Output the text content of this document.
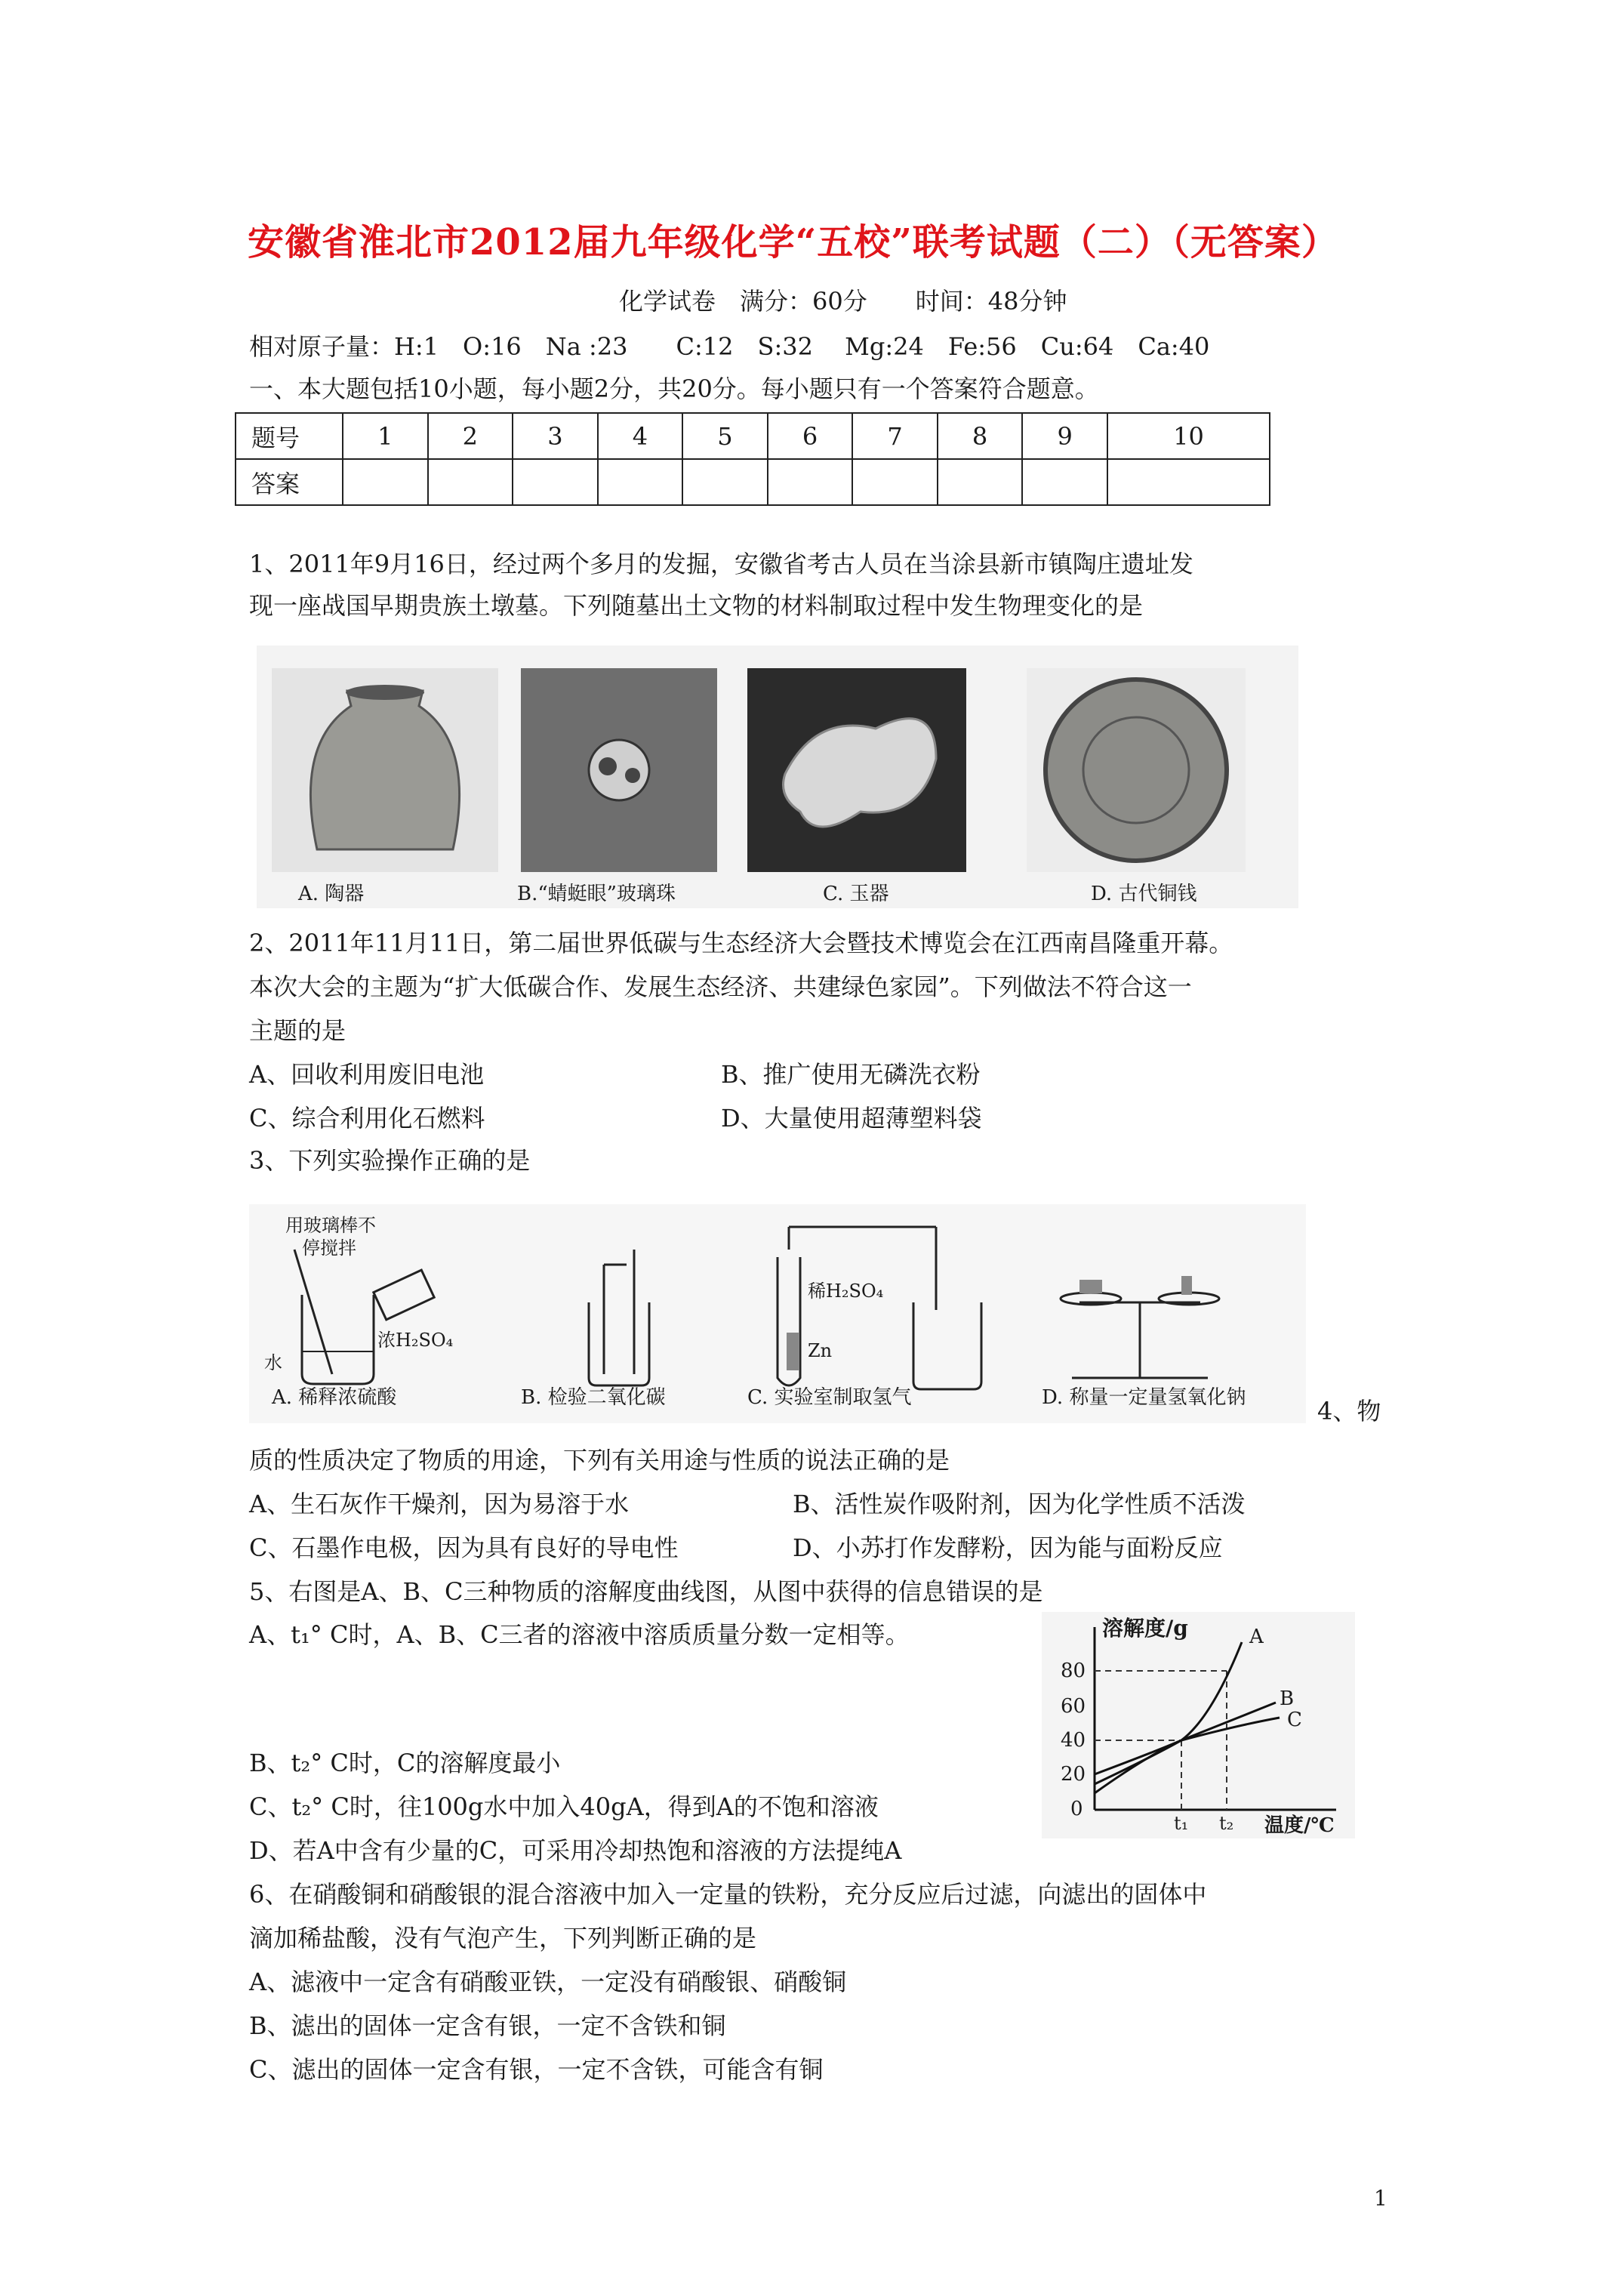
安徽省淮北市2012届九年级化学“五校”联考试题（二）（无答案）
化学试卷　满分：60分　　时间：48分钟
相对原子量：H:1　O:16　Na :23　　C:12　S:32　 Mg:24　Fe:56　Cu:64　Ca:40
一、本大题包括10小题，每小题2分，共20分。每小题只有一个答案符合题意。
题号	1	2	3	4	5	6	7	8	9	10
答案										
1、2011年9月16日，经过两个多月的发掘，安徽省考古人员在当涂县新市镇陶庄遗址发
现一座战国早期贵族土墩墓。下列随墓出土文物的材料制取过程中发生物理变化的是
A. 陶器	B.“蜻蜓眼”玻璃珠	C. 玉器	D. 古代铜钱
2、2011年11月11日，第二届世界低碳与生态经济大会暨技术博览会在江西南昌隆重开幕。
本次大会的主题为“扩大低碳合作、发展生态经济、共建绿色家园”。下列做法不符合这一
主题的是
A、回收利用废旧电池	B、推广使用无磷洗衣粉
C、综合利用化石燃料	D、大量使用超薄塑料袋
3、下列实验操作正确的是
用玻璃棒不
停搅拌
浓H₂SO₄
水
稀H₂SO₄
Zn
A. 稀释浓硫酸	B. 检验二氧化碳	C. 实验室制取氢气	D. 称量一定量氢氧化钠	4、物
质的性质决定了物质的用途，下列有关用途与性质的说法正确的是
A、生石灰作干燥剂，因为易溶于水	B、活性炭作吸附剂，因为化学性质不活泼
C、石墨作电极，因为具有良好的导电性	D、小苏打作发酵粉，因为能与面粉反应
5、右图是A、B、C三种物质的溶解度曲线图，从图中获得的信息错误的是
A、t₁° C时，A、B、C三者的溶液中溶质质量分数一定相等。
B、t₂° C时，C的溶解度最小
C、t₂° C时，往100g水中加入40gA，得到A的不饱和溶液
D、若A中含有少量的C，可采用冷却热饱和溶液的方法提纯A
溶解度/g	A
B
C
80
60
40
20
0
t₁ t₂ 温度/℃
6、在硝酸铜和硝酸银的混合溶液中加入一定量的铁粉，充分反应后过滤，向滤出的固体中
滴加稀盐酸，没有气泡产生，下列判断正确的是
A、滤液中一定含有硝酸亚铁，一定没有硝酸银、硝酸铜
B、滤出的固体一定含有银，一定不含铁和铜
C、滤出的固体一定含有银，一定不含铁，可能含有铜
1
